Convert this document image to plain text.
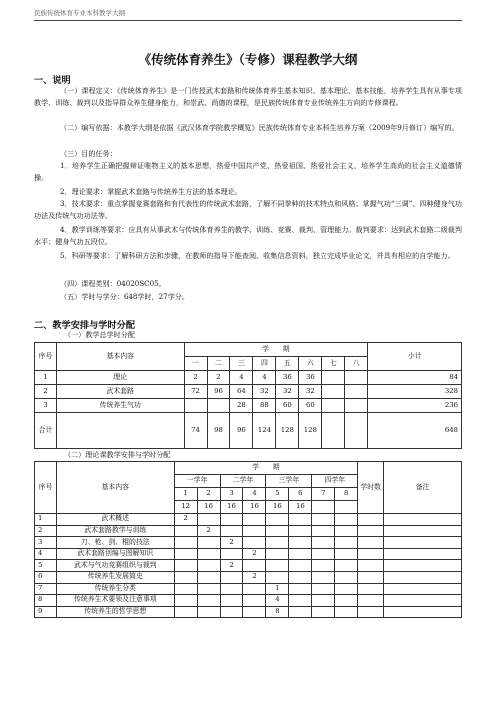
民族传统体育专业本科教学大纲
《传统体育养生》（专修）课程教学大纲
一、说明
（一）课程定义：《传统体育养生》是一门传授武术套路和传统体育养生基本知识、基本理论、基本技能，培养学生具有从事专项教学、训练、裁判以及指导群众养生健身能力，和崇武、尚德的课程，是民族传统体育专业传统养生方向的专修课程。
（二）编写依据：本教学大纲是依据《武汉体育学院教学概览》民族传统体育专业本科生培养方案（2009年9月修订）编写的。
（三）目的任务：
1．培养学生正确把握辩证唯物主义的基本思想，热爱中国共产党、热爱祖国、热爱社会主义，培养学生高尚的社会主义道德情操。
2．理论要求：掌握武术套路与传统养生方法的基本理论。
3．技术要求：重点掌握竞赛套路和有代表性的传统武术套路，了解不同拳种的技术特点和风格；掌握气功“三调”、四种健身气功功法及传统气功功法等。
4．教学训练等要求：应具有从事武术与传统体育养生的教学、训练、竞赛、裁判、管理能力。裁判要求：达到武术套路二级裁判水平；健身气功五段位。
5．科研等要求：了解科研方法和步骤，在教师的指导下能查阅、收集信息资料，独立完成毕业论文，并具有相应的自学能力。
（四）课程类别：04020SC05。
（五）学时与学分：648学时，27学分。
二、教学安排与学时分配
（一）教学总学时分配
序号	基本内容	学　　期								小计
		一	二	三	四	五	六	七	八	
1	理论	2	2	4	4	36	36			84
2	武术套路	72	96	64	32	32	32			328
3	传统养生气功			28	88	60	60			236
合计		74	98	96	124	128	128			648
（二）理论课教学安排与学时分配
序号	基本内容	学　　期								学时数	备注
		一学年		二学年		三学年		四学年			
		1	2	3	4	5	6	7	8		
		12	16	16	16	16	16				
1	武术概述	2									
2	武术套路教学与训练		2								
3	刀、枪、剑、棍的技法			2							
4	武术套路创编与图解知识				2						
5	武术与气功竞赛组织与裁判			2							
6	传统养生发展简史				2						
7	传统养生分类					1					
8	传统养生术要领及注意事项					4					
9	传统养生的哲学思想					8					
